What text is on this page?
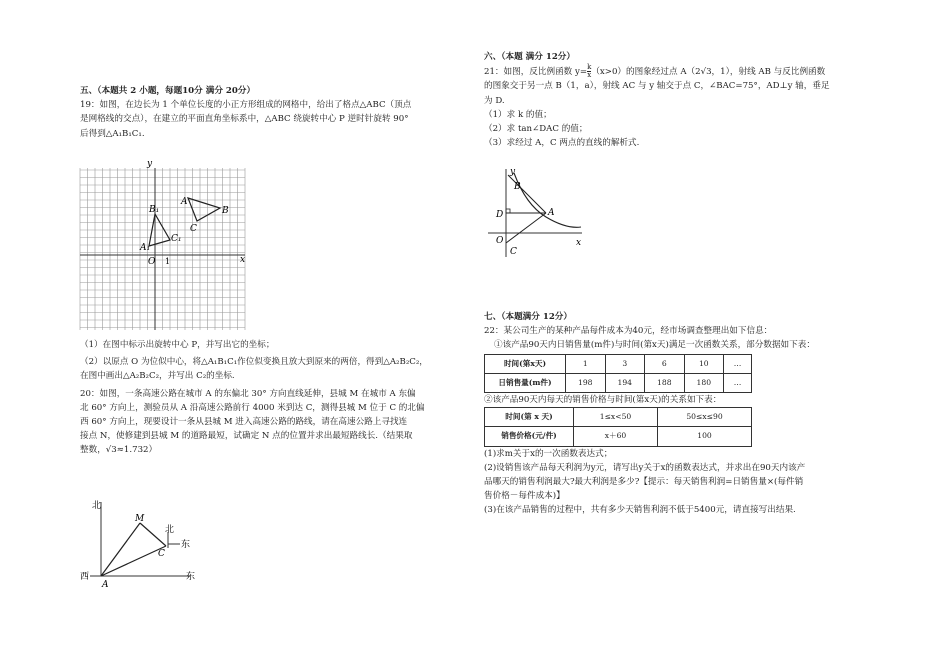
五、（本题共 2 小题，每题10分 满分 20分）

19：如图，在边长为 1 个单位长度的小正方形组成的网格中，给出了格点△ABC（顶点

是网格线的交点），在建立的平面直角坐标系中，△ABC 绕旋转中心 P 逆时针旋转 90°

后得到△A₁B₁C₁.

y
x
O 1
A
B
C
B₁
A₁
C₁

（1）在图中标示出旋转中心 P，并写出它的坐标；

（2）以原点 O 为位似中心，将△A₁B₁C₁作位似变换且放大到原来的两倍，得到△A₂B₂C₂，

在图中画出△A₂B₂C₂，并写出 C₂的坐标.

20：如图，一条高速公路在城市 A 的东偏北 30° 方向直线延伸，县城 M 在城市 A 东偏

北 60° 方向上，测验员从 A 沿高速公路前行 4000 米到达 C，测得县城 M 位于 C 的北偏

西 60° 方向上，现要设计一条从县城 M 进入高速公路的路线，请在高速公路上寻找连

接点 N，使修建到县城 M 的道路最短，试确定 N 点的位置并求出最短路线长.（结果取

整数，√3≈1.732）

北
北
东
东
西
M
C
A

六、（本题 满分 12分）

21：如图，反比例函数 $y= \frac{k}{x} (x>0)$的图象经过点 A（2√3，1），射线 AB 与反比例函数

的图象交于另一点 B（1，a），射线 AC 与 y 轴交于点 C，∠BAC=75°，AD⊥y 轴，垂足

为 D.

（1）求 k 的值；

（2）求 tan∠DAC 的值；

（3）求经过 A，C 两点的直线的解析式.

y
x
B
D	A
O
C

七、（本题满分 12分）

22：某公司生产的某种产品每件成本为40元，经市场调查整理出如下信息：

①该产品90天内日销售量(m件)与时间(第x天)满足一次函数关系，部分数据如下表：

时间(第x天)	1	3	6	10	…
日销售量(m件)	198	194	188	180	…

②该产品90天内每天的销售价格与时间(第x天)的关系如下表：

时间(第 x 天)	1≤x<50	50≤x≤90
销售价格(元/件)	x＋60	100

(1)求m关于x的一次函数表达式；

(2)设销售该产品每天利润为y元，请写出y关于x的函数表达式，并求出在90天内该产

品哪天的销售利润最大?最大利润是多少?【提示：每天销售利润=日销售量×(每件销

售价格－每件成本)】

(3)在该产品销售的过程中，共有多少天销售利润不低于5400元，请直接写出结果.
